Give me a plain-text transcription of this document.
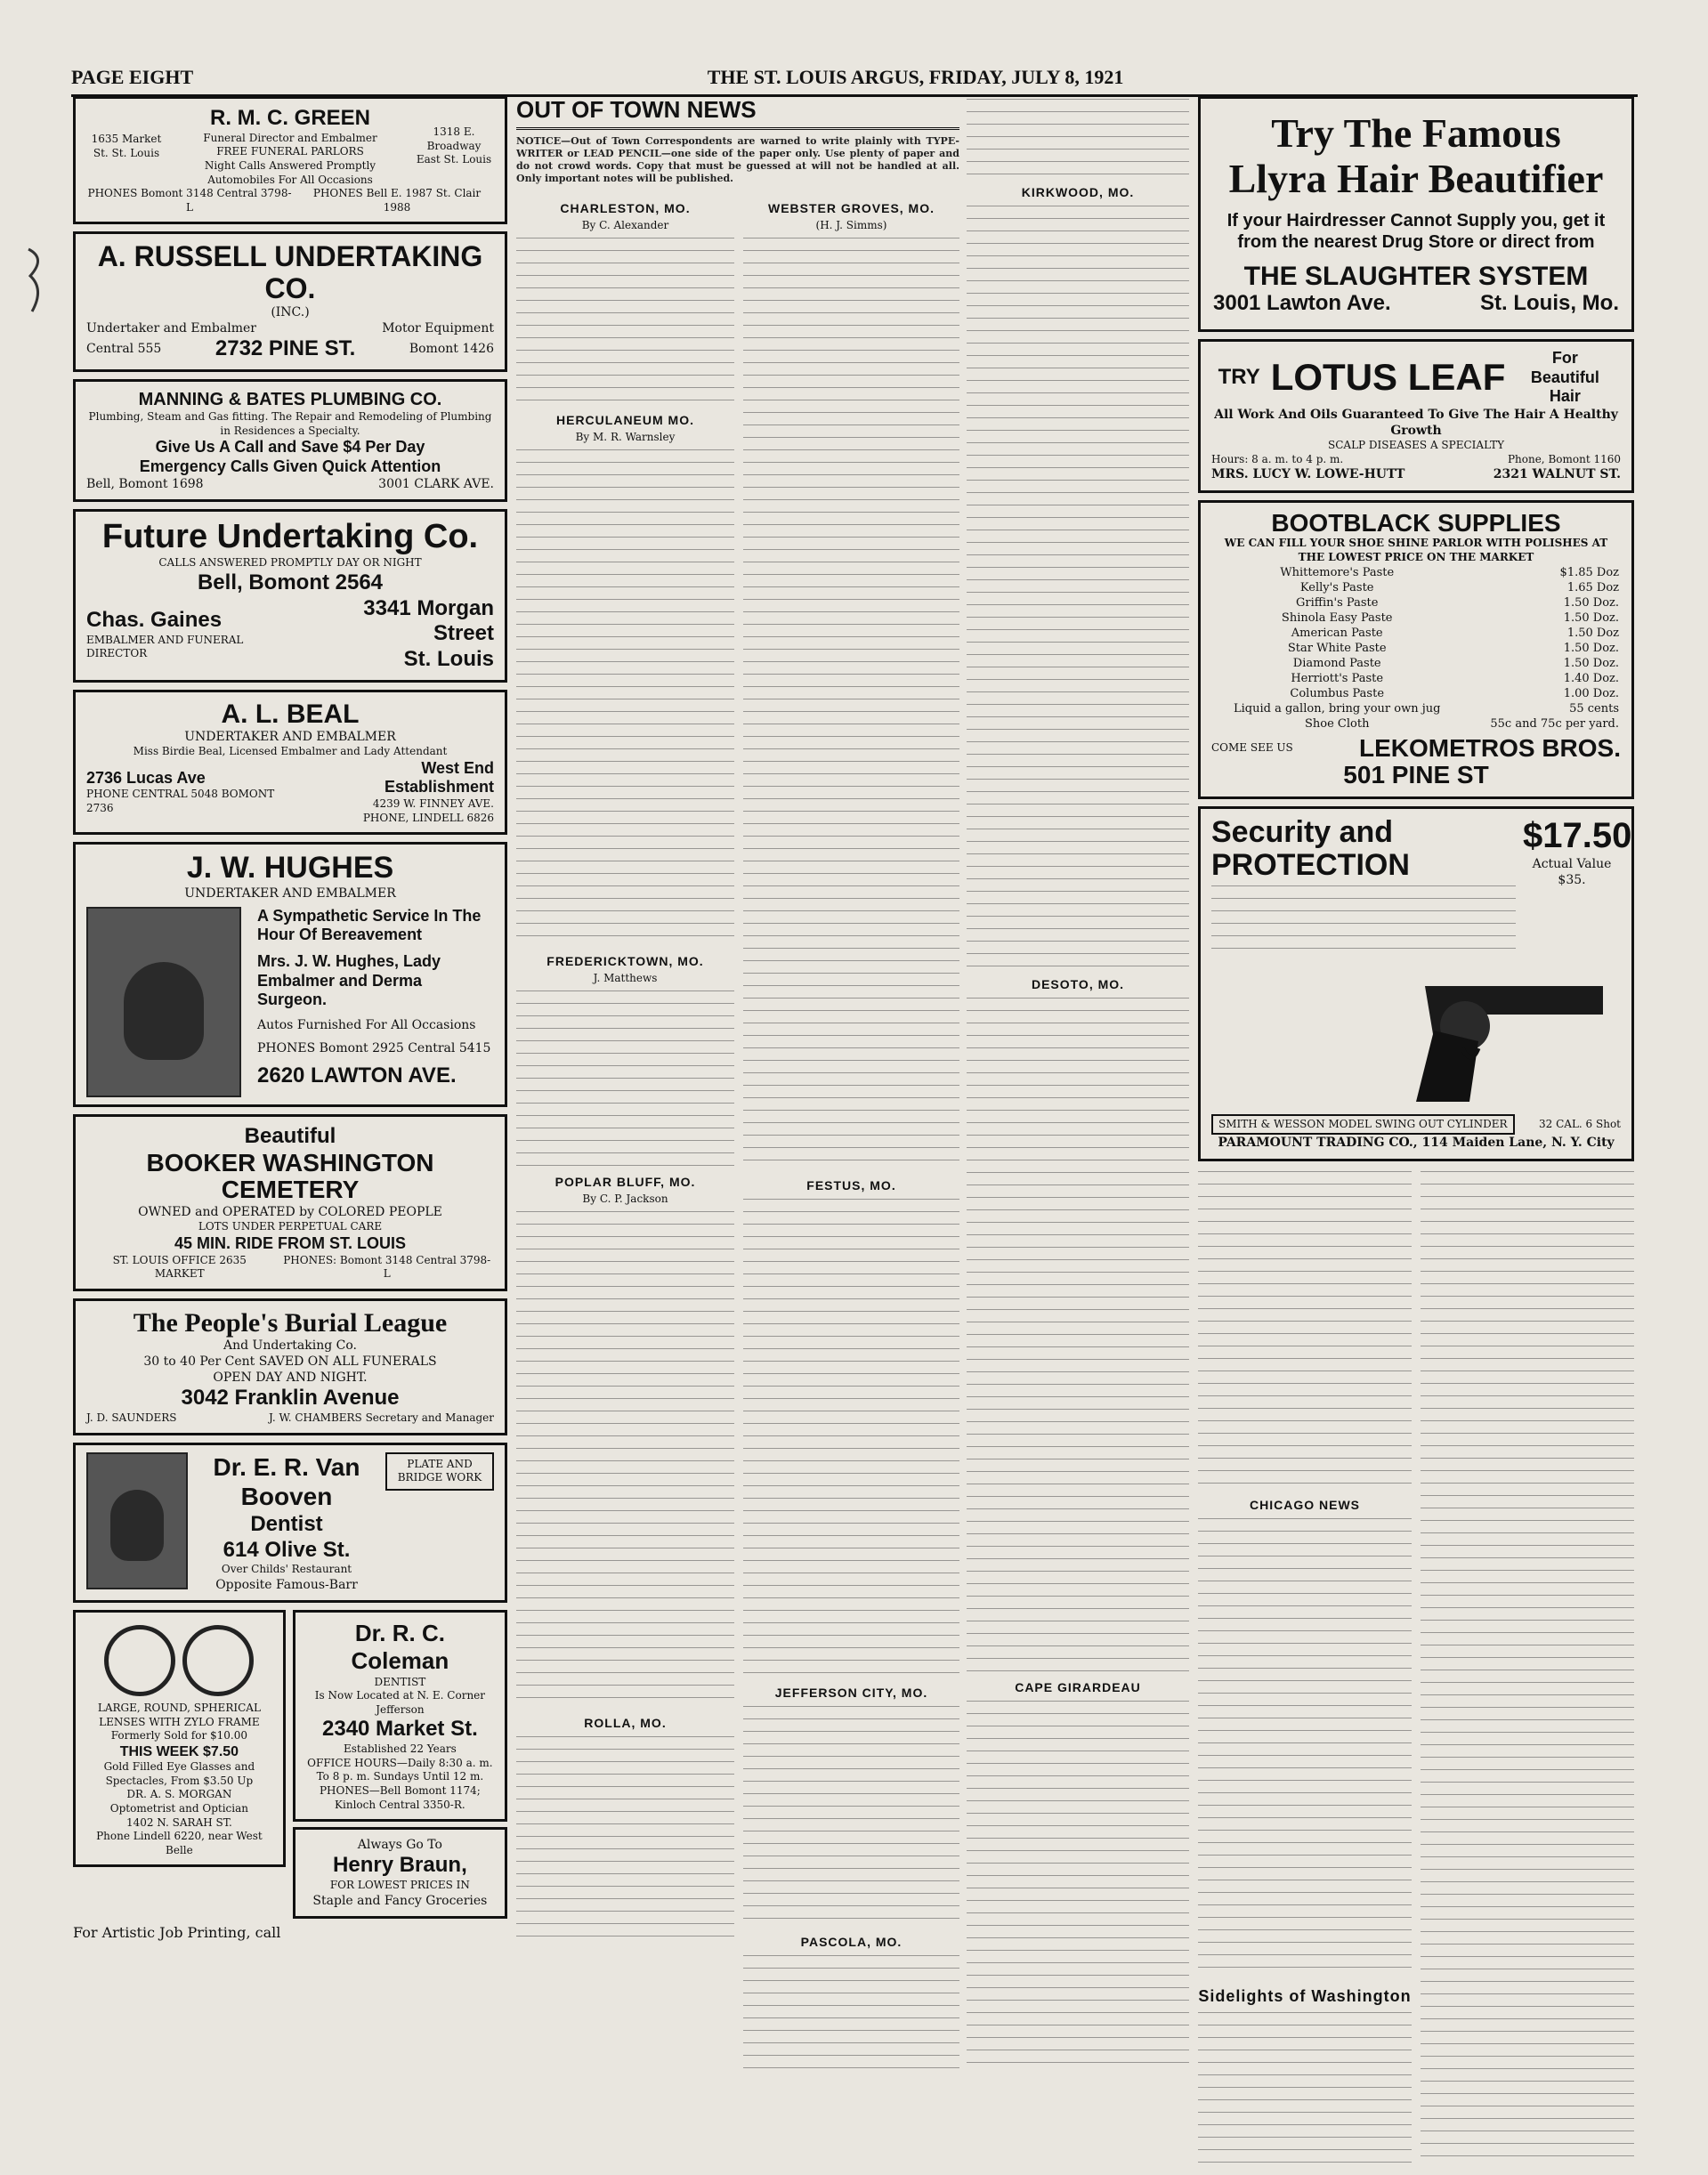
PAGE EIGHT	THE ST. LOUIS ARGUS, FRIDAY, JULY 8, 1921
1635 Market St. St. Louis
R. M. C. GREEN
Funeral Director and Embalmer
FREE FUNERAL PARLORS
Night Calls Answered Promptly
Automobiles For All Occasions
1318 E. Broadway East St. Louis
PHONES Bomont 3148 Central 3798-L
PHONES Bell E. 1987 St. Clair 1988
A. RUSSELL UNDERTAKING CO.
(INC.)
Undertaker and Embalmer	Motor Equipment
Central 555	2732 PINE ST.	Bomont 1426
MANNING & BATES PLUMBING CO.
Plumbing, Steam and Gas fitting. The Repair and Remodeling of Plumbing in Residences a Specialty.
Give Us A Call and Save $4 Per Day
Emergency Calls Given Quick Attention
Bell, Bomont 1698	3001 CLARK AVE.
Future Undertaking Co.
CALLS ANSWERED PROMPTLY DAY OR NIGHT
Bell, Bomont 2564
Chas. Gaines
EMBALMER AND FUNERAL DIRECTOR
3341 Morgan Street
St. Louis
A. L. BEAL
UNDERTAKER AND EMBALMER
Miss Birdie Beal, Licensed Embalmer and Lady Attendant
2736 Lucas Ave
PHONE CENTRAL 5048 BOMONT 2736
West End Establishment
4239 W. FINNEY AVE.
PHONE, LINDELL 6826
J. W. HUGHES
UNDERTAKER AND EMBALMER
A Sympathetic Service In The Hour Of Bereavement
Mrs. J. W. Hughes, Lady Embalmer and Derma Surgeon.
Autos Furnished For All Occasions
PHONES Bomont 2925 Central 5415
2620 LAWTON AVE.
Beautiful
BOOKER WASHINGTON CEMETERY
OWNED and OPERATED by COLORED PEOPLE
LOTS UNDER PERPETUAL CARE
45 MIN. RIDE FROM ST. LOUIS
ST. LOUIS OFFICE 2635 MARKET
PHONES: Bomont 3148 Central 3798-L
The People's Burial League
And Undertaking Co.
30 to 40 Per Cent SAVED ON ALL FUNERALS
OPEN DAY AND NIGHT.
3042 Franklin Avenue
J. D. SAUNDERS	J. W. CHAMBERS Secretary and Manager
Dr. E. R. Van Booven
Dentist
614 Olive St.
Over Childs' Restaurant
Opposite Famous-Barr
PLATE AND BRIDGE WORK
LARGE, ROUND, SPHERICAL LENSES WITH ZYLO FRAME
Formerly Sold for $10.00
THIS WEEK $7.50
Gold Filled Eye Glasses and Spectacles, From $3.50 Up
DR. A. S. MORGAN
Optometrist and Optician
1402 N. SARAH ST.
Phone Lindell 6220, near West Belle
Dr. R. C. Coleman
DENTIST
Is Now Located at N. E. Corner Jefferson
2340 Market St.
Established 22 Years
OFFICE HOURS—Daily 8:30 a. m. To 8 p. m. Sundays Until 12 m.
PHONES—Bell Bomont 1174; Kinloch Central 3350-R.
Always Go To
Henry Braun,
FOR LOWEST PRICES IN
Staple and Fancy Groceries
For Artistic Job Printing, call
OUT OF TOWN NEWS
NOTICE—Out of Town Correspondents are warned to write plainly with TYPE-WRITER or LEAD PENCIL—one side of the paper only. Use plenty of paper and do not crowd words. Copy that must be guessed at will not be handled at all. Only important notes will be published.
CHARLESTON, MO.
By C. Alexander
HERCULANEUM MO.
By M. R. Warnsley
FREDERICKTOWN, MO.
J. Matthews
POPLAR BLUFF, MO.
By C. P. Jackson
ROLLA, MO.
WEBSTER GROVES, MO.
(H. J. Simms)
FESTUS, MO.
JEFFERSON CITY, MO.
PASCOLA, MO.
KIRKWOOD, MO.
DESOTO, MO.
CAPE GIRARDEAU
Try The Famous
Llyra Hair Beautifier
If your Hairdresser Cannot Supply you, get it from the nearest Drug Store or direct from
THE SLAUGHTER SYSTEM
3001 Lawton Ave.	St. Louis, Mo.
TRY LOTUS LEAF	For Beautiful Hair
All Work And Oils Guaranteed To Give The Hair A Healthy Growth
SCALP DISEASES A SPECIALTY
Hours: 8 a. m. to 4 p. m.	Phone, Bomont 1160
MRS. LUCY W. LOWE-HUTT	2321 WALNUT ST.
BOOTBLACK SUPPLIES
WE CAN FILL YOUR SHOE SHINE PARLOR WITH POLISHES AT THE LOWEST PRICE ON THE MARKET
Whittemore's Paste	$1.85 Doz
Kelly's Paste	1.65 Doz
Griffin's Paste	1.50 Doz.
Shinola Easy Paste	1.50 Doz.
American Paste	1.50 Doz
Star White Paste	1.50 Doz.
Diamond Paste	1.50 Doz.
Herriott's Paste	1.40 Doz.
Columbus Paste	1.00 Doz.
Liquid a gallon, bring your own jug	55 cents
Shoe Cloth	55c and 75c per yard.
COME SEE US	LEKOMETROS BROS.
501 PINE ST
Security and PROTECTION
$17.50
Actual Value $35.
SMITH & WESSON MODEL SWING OUT CYLINDER	32 CAL. 6 Shot
PARAMOUNT TRADING CO., 114 Maiden Lane, N. Y. City
CHICAGO NEWS
Sidelights of Washington
